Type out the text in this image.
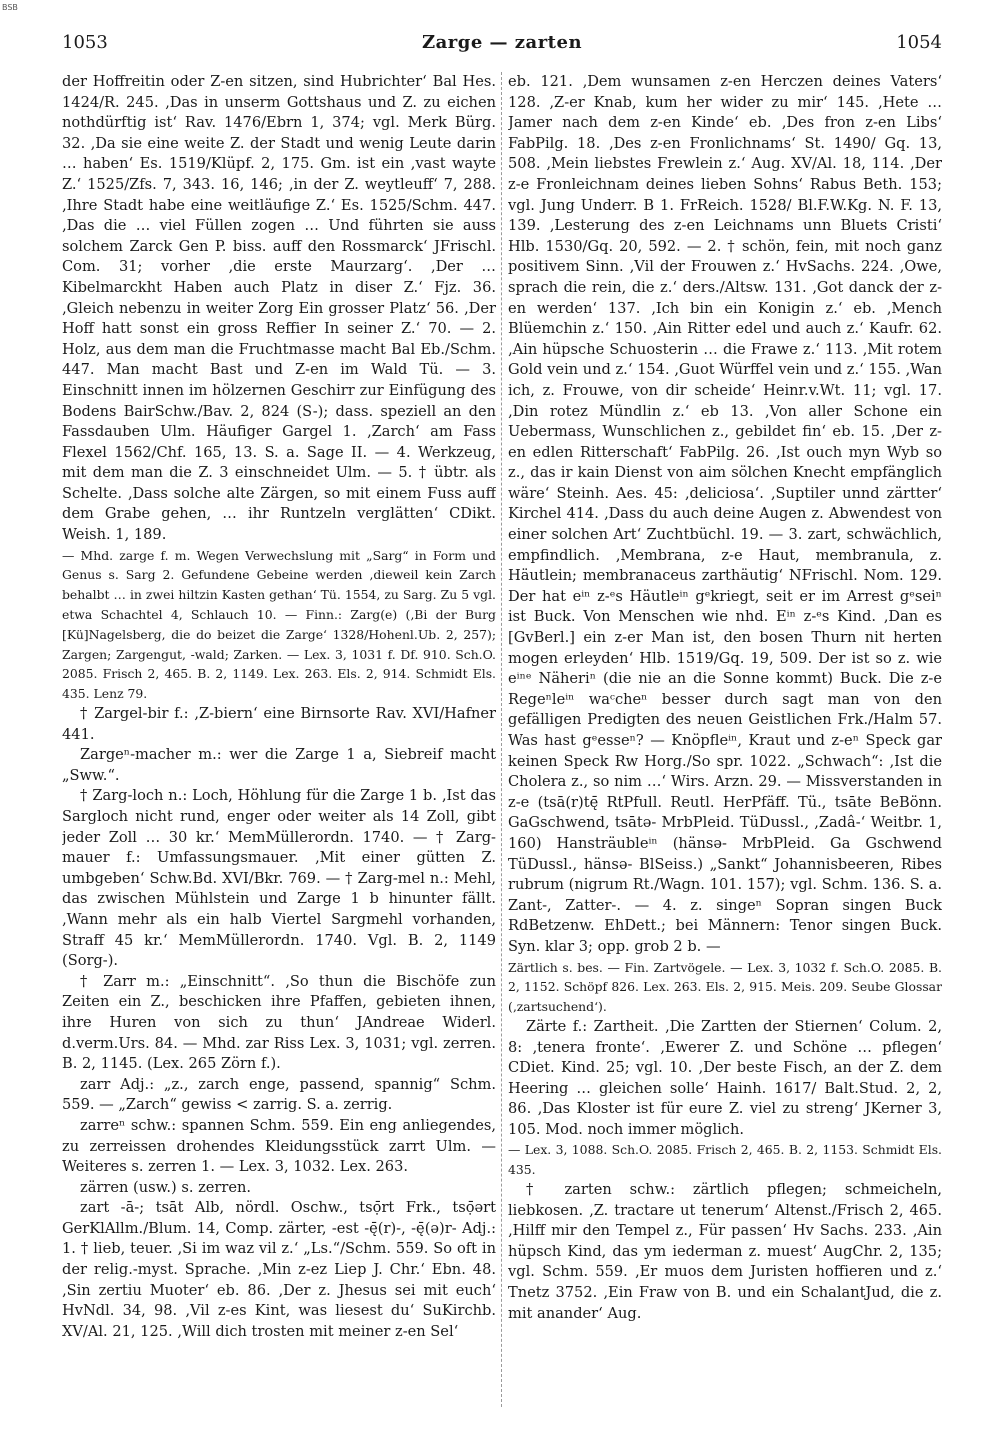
BSB
1053	Zarge — zarten	1054

der Hoffreitin oder Z-en sitzen, sind Hubrichter‘ Bal Hes. 1424/R. 245. ‚Das in unserm Gottshaus und Z. zu eichen nothdürftig ist‘ Rav. 1476/Ebrn 1, 374; vgl. Merk Bürg. 32. ‚Da sie eine weite Z. der Stadt und wenig Leute darin … haben‘ Es. 1519/Klüpf. 2, 175. Gm. ist ein ‚vast wayte Z.‘ 1525/Zfs. 7, 343. 16, 146; ‚in der Z. weytleuff‘ 7, 288. ‚Ihre Stadt habe eine weitläufige Z.‘ Es. 1525/Schm. 447. ‚Das die … viel Füllen zogen … Und führten sie auss solchem Zarck Gen P. biss. auff den Rossmarck‘ JFrischl. Com. 31; vorher ‚die erste Maurzarg‘. ‚Der … Kibelmarckht Haben auch Platz in diser Z.‘ Fjz. 36. ‚Gleich nebenzu in weiter Zorg Ein grosser Platz‘ 56. ‚Der Hoff hatt sonst ein gross Reffier In seiner Z.‘ 70. — 2. Holz, aus dem man die Fruchtmasse macht Bal Eb./Schm. 447. Man macht Bast und Z-en im Wald Tü. — 3. Einschnitt innen im hölzernen Geschirr zur Einfügung des Bodens BairSchw./Bav. 2, 824 (S-); dass. speziell an den Fassdauben Ulm. Häufiger Gargel 1. ‚Zarch‘ am Fass Flexel 1562/Chf. 165, 13. S. a. Sage II. — 4. Werkzeug, mit dem man die Z. 3 einschneidet Ulm. — 5. † übtr. als Schelte. ‚Dass solche alte Zärgen, so mit einem Fuss auff dem Grabe gehen, … ihr Runtzeln verglätten‘ CDikt. Weish. 1, 189.

— Mhd. zarge f. m. Wegen Verwechslung mit „Sarg“ in Form und Genus s. Sarg 2. Gefundene Gebeine werden ‚dieweil kein Zarch behalbt … in zwei hiltzin Kasten gethan‘ Tü. 1554, zu Sarg. Zu 5 vgl. etwa Schachtel 4, Schlauch 10. — Finn.: Zarg(e) (‚Bi der Burg [Kü]Nagelsberg, die do beizet die Zarge‘ 1328/Hohenl.Ub. 2, 257); Zargen; Zargengut, -wald; Zarken. — Lex. 3, 1031 f. Df. 910. Sch.O. 2085. Frisch 2, 465. B. 2, 1149. Lex. 263. Els. 2, 914. Schmidt Els. 435. Lenz 79.

† Zargel-bir f.: ‚Z-biern‘ eine Birnsorte Rav. XVI/Hafner 441.

Zargeⁿ-macher m.: wer die Zarge 1 a, Siebreif macht „Sww.“.

† Zarg-loch n.: Loch, Höhlung für die Zarge 1 b. ‚Ist das Sargloch nicht rund, enger oder weiter als 14 Zoll, gibt jeder Zoll … 30 kr.‘ MemMüllerordn. 1740. — † Zarg-mauer f.: Umfassungsmauer. ‚Mit einer gütten Z. umbgeben‘ Schw.Bd. XVI/Bkr. 769. — † Zarg-mel n.: Mehl, das zwischen Mühlstein und Zarge 1 b hinunter fällt. ‚Wann mehr als ein halb Viertel Sargmehl vorhanden, Straff 45 kr.‘ MemMüllerordn. 1740. Vgl. B. 2, 1149 (Sorg-).

† Zarr m.: „Einschnitt“. ‚So thun die Bischöfe zun Zeiten ein Z., beschicken ihre Pfaffen, gebieten ihnen, ihre Huren von sich zu thun‘ JAndreae Widerl. d.verm.Urs. 84. — Mhd. zar Riss Lex. 3, 1031; vgl. zerren. B. 2, 1145. (Lex. 265 Zörn f.).

zarr Adj.: „z., zarch enge, passend, spannig“ Schm. 559. — „Zarch“ gewiss < zarrig. S. a. zerrig.

zarreⁿ schw.: spannen Schm. 559. Ein eng anliegendes, zu zerreissen drohendes Kleidungsstück zarrt Ulm. — Weiteres s. zerren 1. — Lex. 3, 1032. Lex. 263.

zärren (usw.) s. zerren.

zart -ā-; tsāt Alb, nördl. Oschw., tsọ̄rt Frk., tsọ̄ərt GerKlAllm./Blum. 14, Comp. zärter, -est -ę̄(r)-, -ę̄(ə)r- Adj.: 1. † lieb, teuer. ‚Si im waz vil z.‘ „Ls.“/Schm. 559. So oft in der relig.-myst. Sprache. ‚Min z-ez Liep J. Chr.‘ Ebn. 48. ‚Sin zertiu Muoter‘ eb. 86. ‚Der z. Jhesus sei mit euch‘ HvNdl. 34, 98. ‚Vil z-es Kint, was liesest du‘ SuKirchb. XV/Al. 21, 125. ‚Will dich trosten mit meiner z-en Sel‘

eb. 121. ‚Dem wunsamen z-en Herczen deines Vaters‘ 128. ‚Z-er Knab, kum her wider zu mir‘ 145. ‚Hete … Jamer nach dem z-en Kinde‘ eb. ‚Des fron z-en Libs‘ FabPilg. 18. ‚Des z-en Fronlichnams‘ St. 1490/ Gq. 13, 508. ‚Mein liebstes Frewlein z.‘ Aug. XV/Al. 18, 114. ‚Der z-e Fronleichnam deines lieben Sohns‘ Rabus Beth. 153; vgl. Jung Underr. B 1. FrReich. 1528/ Bl.F.W.Kg. N. F. 13, 139. ‚Lesterung des z-en Leichnams unn Bluets Cristi‘ Hlb. 1530/Gq. 20, 592. — 2. † schön, fein, mit noch ganz positivem Sinn. ‚Vil der Frouwen z.‘ HvSachs. 224. ‚Owe, sprach die rein, die z.‘ ders./Altsw. 131. ‚Got danck der z-en werden‘ 137. ‚Ich bin ein Konigin z.‘ eb. ‚Mench Blüemchin z.‘ 150. ‚Ain Ritter edel und auch z.‘ Kaufr. 62. ‚Ain hüpsche Schuosterin … die Frawe z.‘ 113. ‚Mit rotem Gold vein und z.‘ 154. ‚Guot Würffel vein und z.‘ 155. ‚Wan ich, z. Frouwe, von dir scheide‘ Heinr.v.Wt. 11; vgl. 17. ‚Din rotez Mündlin z.‘ eb 13. ‚Von aller Schone ein Uebermass, Wunschlichen z., gebildet fin‘ eb. 15. ‚Der z-en edlen Ritterschaft‘ FabPilg. 26. ‚Ist ouch myn Wyb so z., das ir kain Dienst von aim sölchen Knecht empfänglich wäre‘ Steinh. Aes. 45: ‚deliciosa‘. ‚Suptiler unnd zärtter‘ Kirchel 414. ‚Dass du auch deine Augen z. Abwendest von einer solchen Art‘ Zuchtbüchl. 19. — 3. zart, schwächlich, empfindlich. ‚Membrana, z-e Haut, membranula, z. Häutlein; membranaceus zarthäutig‘ NFrischl. Nom. 129. Der hat eⁱⁿ z-ᵉs Häutleⁱⁿ gᵉkriegt, seit er im Arrest gᵉseiⁿ ist Buck. Von Menschen wie nhd. Eⁱⁿ z-ᵉs Kind. ‚Dan es [GvBerl.] ein z-er Man ist, den bosen Thurn nit herten mogen erleyden‘ Hlb. 1519/Gq. 19, 509. Der ist so z. wie eⁱⁿᵉ Näheriⁿ (die nie an die Sonne kommt) Buck. Die z-e Regeⁿleⁱⁿ waᶜcheⁿ besser durch sagt man von den gefälligen Predigten des neuen Geistlichen Frk./Halm 57. Was hast gᵉesseⁿ? — Knöpfleⁱⁿ, Kraut und z-eⁿ Speck gar keinen Speck Rw Horg./So spr. 1022. „Schwach“: ‚Ist die Cholera z., so nim …‘ Wirs. Arzn. 29. — Missverstanden in z-e (tsā(r)tę̄ RtPfull. Reutl. HerPfäff. Tü., tsāte BeBönn. GaGschwend, tsātə- MrbPleid. TüDussl., ‚Zadâ-‘ Weitbr. 1, 160) Hansträubleⁱⁿ (hänsə- MrbPleid. Ga Gschwend TüDussl., hänsə- BlSeiss.) „Sankt“ Johannisbeeren, Ribes rubrum (nigrum Rt./Wagn. 101. 157); vgl. Schm. 136. S. a. Zant-, Zatter-. — 4. z. singeⁿ Sopran singen Buck RdBetzenw. EhDett.; bei Männern: Tenor singen Buck. Syn. klar 3; opp. grob 2 b. —

Zärtlich s. bes. — Fin. Zartvögele. — Lex. 3, 1032 f. Sch.O. 2085. B. 2, 1152. Schöpf 826. Lex. 263. Els. 2, 915. Meis. 209. Seube Glossar (‚zartsuchend‘).

Zärte f.: Zartheit. ‚Die Zartten der Stiernen‘ Colum. 2, 8: ‚tenera fronte‘. ‚Ewerer Z. und Schöne … pflegen‘ CDiet. Kind. 25; vgl. 10. ‚Der beste Fisch, an der Z. dem Heering … gleichen solle‘ Hainh. 1617/ Balt.Stud. 2, 2, 86. ‚Das Kloster ist für eure Z. viel zu streng‘ JKerner 3, 105. Mod. noch immer möglich.

— Lex. 3, 1088. Sch.O. 2085. Frisch 2, 465. B. 2, 1153. Schmidt Els. 435.

† zarten schw.: zärtlich pflegen; schmeicheln, liebkosen. ‚Z. tractare ut tenerum‘ Altenst./Frisch 2, 465. ‚Hilff mir den Tempel z., Für passen‘ Hv Sachs. 233. ‚Ain hüpsch Kind, das ym iederman z. muest‘ AugChr. 2, 135; vgl. Schm. 559. ‚Er muos dem Juristen hoffieren und z.‘ Tnetz 3752. ‚Ein Fraw von B. und ein SchalantJud, die z. mit anander‘ Aug.
